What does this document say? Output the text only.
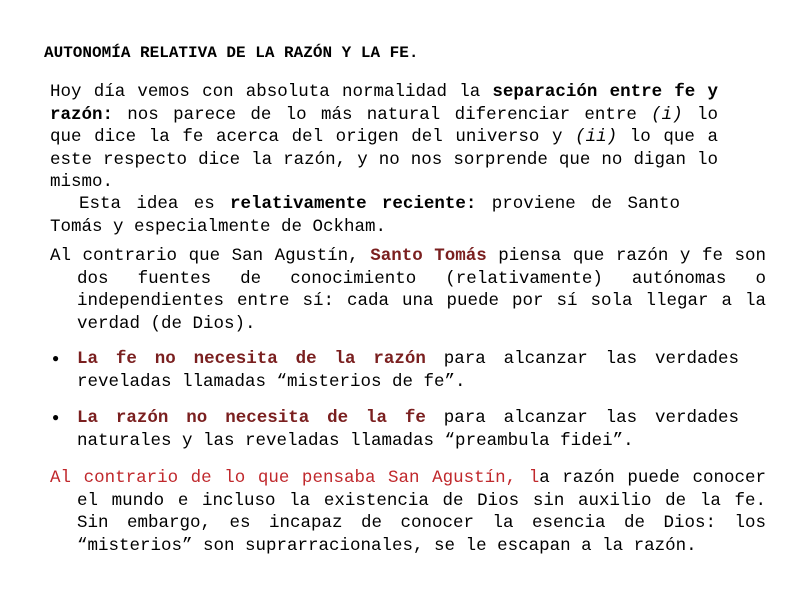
AUTONOMÍA RELATIVA DE LA RAZÓN Y LA FE.

Hoy día vemos con absoluta normalidad la separación entre fe y razón: nos parece de lo más natural diferenciar entre (i) lo que dice la fe acerca del origen del universo y (ii) lo que a este respecto dice la razón, y no nos sorprende que no digan lo mismo.

Esta idea es relativamente reciente: proviene de Santo Tomás y especialmente de Ockham.

Al contrario que San Agustín, Santo Tomás piensa que razón y fe son dos fuentes de conocimiento (relativamente) autónomas o independientes entre sí: cada una puede por sí sola llegar a la verdad (de Dios).

● La fe no necesita de la razón para alcanzar las verdades reveladas llamadas “misterios de fe”.
● La razón no necesita de la fe para alcanzar las verdades naturales y las reveladas llamadas “preambula fidei”.

Al contrario de lo que pensaba San Agustín, la razón puede conocer el mundo e incluso la existencia de Dios sin auxilio de la fe. Sin embargo, es incapaz de conocer la esencia de Dios: los “misterios” son suprarracionales, se le escapan a la razón.
